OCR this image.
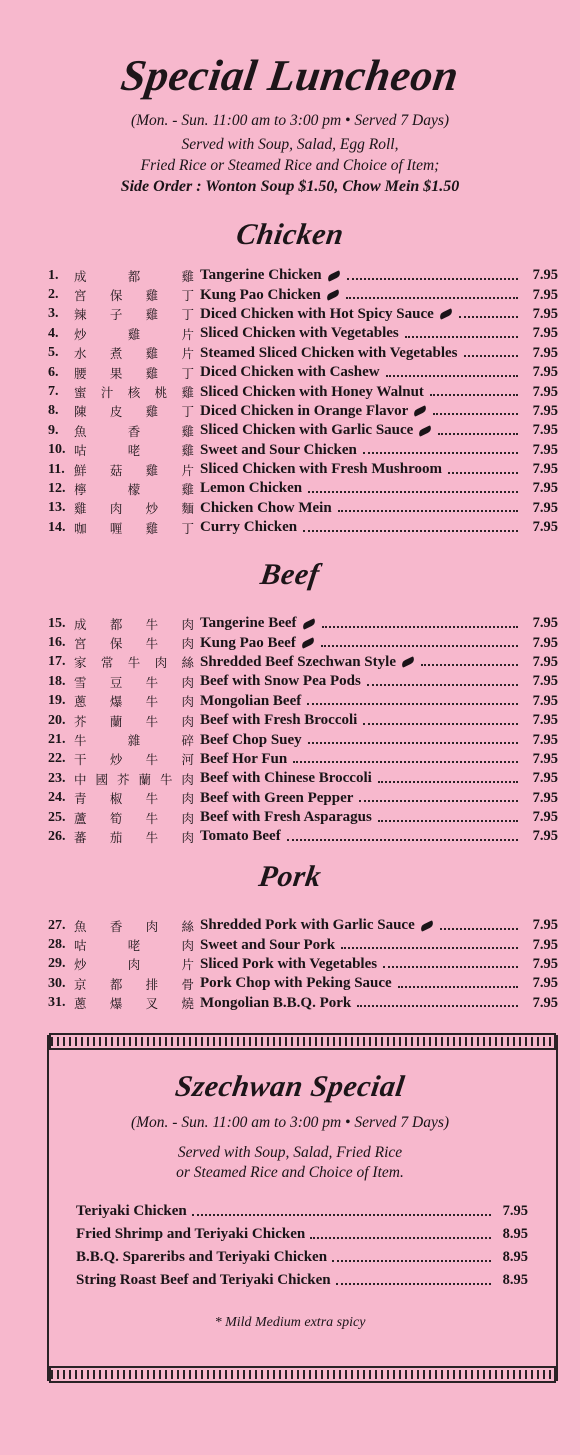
Special Luncheon
(Mon. - Sun. 11:00 am to 3:00 pm • Served 7 Days)
Served with Soup, Salad, Egg Roll,
Fried Rice or Steamed Rice and Choice of Item;
Side Order : Wonton Soup $1.50, Chow Mein $1.50
Chicken
1.	成	都	雞 Tangerine Chicken	7.95
2.	宮 保 雞 丁 Kung Pao Chicken	7.95
3.	辣 子 雞 丁 Diced Chicken with Hot Spicy Sauce	7.95
4.	炒	雞	片 Sliced Chicken with Vegetables	7.95
5.	水 煮 雞 片 Steamed Sliced Chicken with Vegetables	7.95
6.	腰 果 雞 丁 Diced Chicken with Cashew	7.95
7.	蜜 汁 核 桃 雞 Sliced Chicken with Honey Walnut	7.95
8.	陳 皮 雞 丁 Diced Chicken in Orange Flavor	7.95
9.	魚	香	雞 Sliced Chicken with Garlic Sauce	7.95
10. 咕	咾	雞 Sweet and Sour Chicken	7.95
11. 鮮 菇 雞 片 Sliced Chicken with Fresh Mushroom	7.95
12. 檸	檬	雞 Lemon Chicken	7.95
13. 雞 肉 炒 麵 Chicken Chow Mein	7.95
14. 咖 喱 雞 丁 Curry Chicken	7.95
Beef
15. 成 都 牛 肉 Tangerine Beef	7.95
16. 宮 保 牛 肉 Kung Pao Beef	7.95
17. 家 常 牛 肉 絲 Shredded Beef Szechwan Style	7.95
18. 雪 豆 牛 肉 Beef with Snow Pea Pods	7.95
19. 蔥 爆 牛 肉 Mongolian Beef	7.95
20. 芥 蘭 牛 肉 Beef with Fresh Broccoli	7.95
21. 牛	雜	碎 Beef Chop Suey	7.95
22. 干 炒 牛 河 Beef Hor Fun	7.95
23. 中 國 芥 蘭 牛 肉 Beef with Chinese Broccoli	7.95
24. 青 椒 牛 肉 Beef with Green Pepper	7.95
25. 蘆 筍 牛 肉 Beef with Fresh Asparagus	7.95
26. 蕃 茄 牛 肉 Tomato Beef	7.95
Pork
27. 魚 香 肉 絲 Shredded Pork with Garlic Sauce	7.95
28. 咕	咾	肉 Sweet and Sour Pork	7.95
29. 炒	肉	片 Sliced Pork with Vegetables	7.95
30. 京 都 排 骨 Pork Chop with Peking Sauce	7.95
31. 蔥 爆 叉 燒 Mongolian B.B.Q. Pork	7.95
Szechwan Special
(Mon. - Sun. 11:00 am to 3:00 pm • Served 7 Days)
Served with Soup, Salad, Fried Rice
or Steamed Rice and Choice of Item.
Teriyaki Chicken	7.95
Fried Shrimp and Teriyaki Chicken	8.95
B.B.Q. Spareribs and Teriyaki Chicken	8.95
String Roast Beef and Teriyaki Chicken	8.95
* Mild Medium extra spicy
